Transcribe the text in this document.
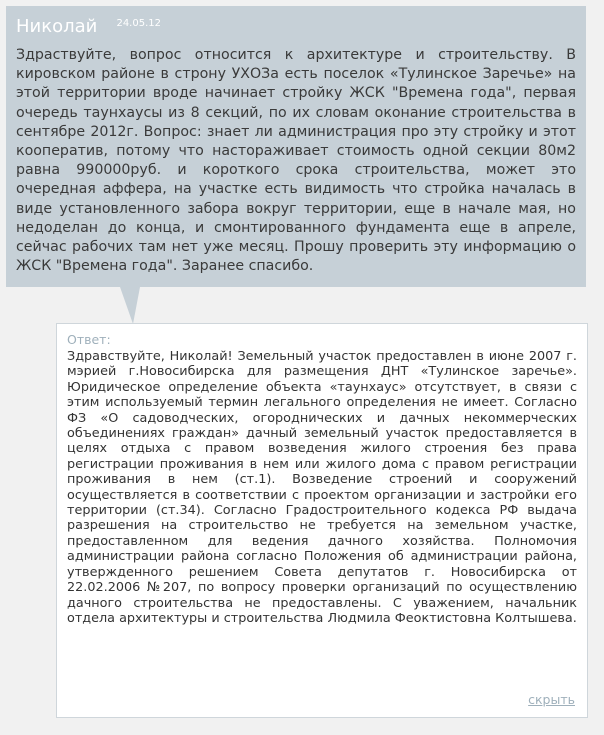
Николай $^{24.05.12}$

Здраствуйте, вопрос относится к архитектуре и строительству. В кировском районе в строну УХОЗа есть поселок «Тулинское Заречье» на этой территории вроде начинает стройку ЖСК "Времена года", первая очередь таунхаусы из 8 секций, по их словам оконание строительства в сентябре 2012г. Вопрос: знает ли администрация про эту стройку и этот кооператив, потому что настораживает стоимость одной секции 80м2 равна 990000руб. и короткого срока строительства, может это очередная аффера, на участке есть видимость что стройка началась в виде установленного забора вокруг территории, еще в начале мая, но недоделан до конца, и смонтированного фундамента еще в апреле, сейчас рабочих там нет уже месяц. Прошу проверить эту информацию о ЖСК "Времена года". Заранее спасибо.

Ответ:

Здравствуйте, Николай! Земельный участок предоставлен в июне 2007 г. мэрией г.Новосибирска для размещения ДНТ «Тулинское заречье». Юридическое определение объекта «таунхаус» отсутствует, в связи с этим используемый термин легального определения не имеет. Согласно ФЗ «О садоводческих, огороднических и дачных некоммерческих объединениях граждан» дачный земельный участок предоставляется в целях отдыха с правом возведения жилого строения без права регистрации проживания в нем или жилого дома с правом регистрации проживания в нем (ст.1). Возведение строений и сооружений осуществляется в соответствии с проектом организации и застройки его территории (ст.34). Согласно Градостроительного кодекса РФ выдача разрешения на строительство не требуется на земельном участке, предоставленном для ведения дачного хозяйства. Полномочия администрации района согласно Положения об администрации района, утвержденного решением Совета депутатов г. Новосибирска от 22.02.2006 №207, по вопросу проверки организаций по осуществлению дачного строительства не предоставлены. С уважением, начальник отдела архитектуры и строительства Людмила Феоктистовна Колтышева.

скрыть
